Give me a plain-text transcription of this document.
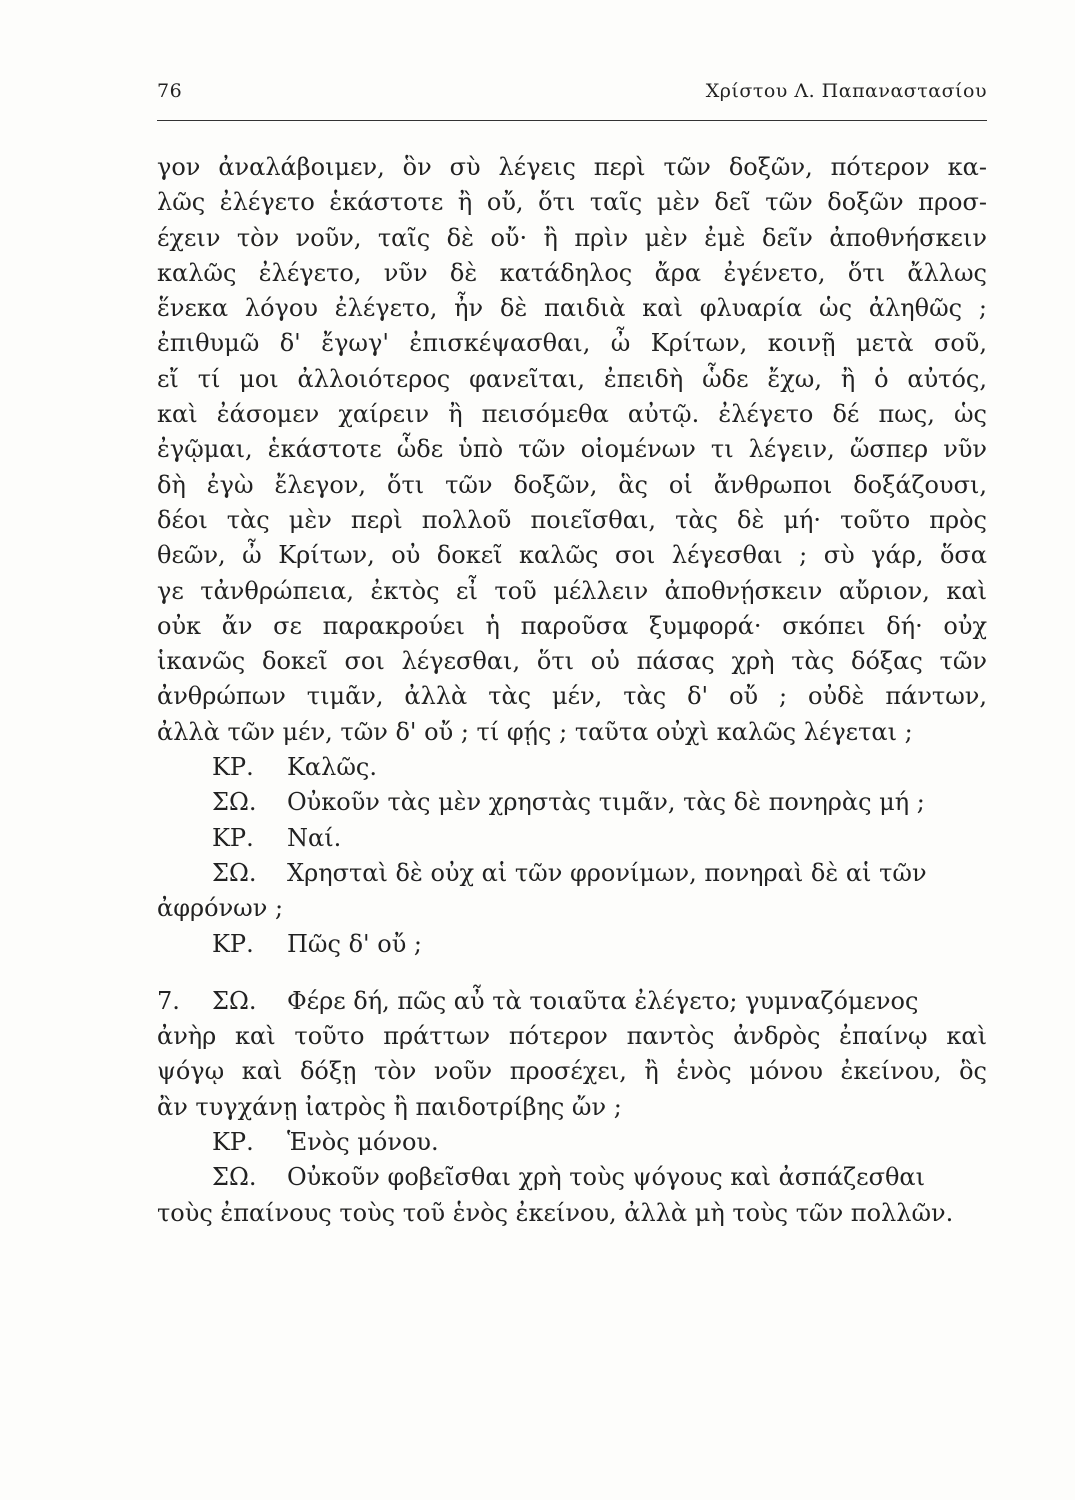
76	Χρίστου Λ. Παπαναστασίου
γον ἀναλάβοιμεν, ὃν σὺ λέγεις περὶ τῶν δοξῶν, πότερον κα-
λῶς ἐλέγετο ἑκάστοτε ἢ οὔ, ὅτι ταῖς μὲν δεῖ τῶν δοξῶν προσ-
έχειν τὸν νοῦν, ταῖς δὲ οὔ· ἢ πρὶν μὲν ἐμὲ δεῖν ἀποθνήσκειν
καλῶς ἐλέγετο, νῦν δὲ κατάδηλος ἄρα ἐγένετο, ὅτι ἄλλως
ἕνεκα λόγου ἐλέγετο, ἦν δὲ παιδιὰ καὶ φλυαρία ὡς ἀληθῶς ;
ἐπιθυμῶ δ' ἔγωγ' ἐπισκέψασθαι, ὦ Κρίτων, κοινῇ μετὰ σοῦ,
εἴ τί μοι ἀλλοιότερος φανεῖται, ἐπειδὴ ὧδε ἔχω, ἢ ὁ αὐτός,
καὶ ἐάσομεν χαίρειν ἢ πεισόμεθα αὐτῷ. ἐλέγετο δέ πως, ὡς
ἐγῷμαι, ἑκάστοτε ὧδε ὑπὸ τῶν οἰομένων τι λέγειν, ὥσπερ νῦν
δὴ ἐγὼ ἔλεγον, ὅτι τῶν δοξῶν, ἃς οἱ ἄνθρωποι δοξάζουσι,
δέοι τὰς μὲν περὶ πολλοῦ ποιεῖσθαι, τὰς δὲ μή· τοῦτο πρὸς
θεῶν, ὦ Κρίτων, οὐ δοκεῖ καλῶς σοι λέγεσθαι ; σὺ γάρ, ὅσα
γε τἀνθρώπεια, ἐκτὸς εἶ τοῦ μέλλειν ἀποθνῄσκειν αὔριον, καὶ
οὐκ ἄν σε παρακρούει ἡ παροῦσα ξυμφορά· σκόπει δή· οὐχ
ἱκανῶς δοκεῖ σοι λέγεσθαι, ὅτι οὐ πάσας χρὴ τὰς δόξας τῶν
ἀνθρώπων τιμᾶν, ἀλλὰ τὰς μέν, τὰς δ' οὔ ; οὐδὲ πάντων,
ἀλλὰ τῶν μέν, τῶν δ' οὔ ; τί φῄς ; ταῦτα οὐχὶ καλῶς λέγεται ;
ΚΡ. Καλῶς.
ΣΩ. Οὐκοῦν τὰς μὲν χρηστὰς τιμᾶν, τὰς δὲ πονηρὰς μή ;
ΚΡ. Ναί.
ΣΩ. Χρησταὶ δὲ οὐχ αἱ τῶν φρονίμων, πονηραὶ δὲ αἱ τῶν
ἀφρόνων ;
ΚΡ. Πῶς δ' οὔ ;
7. ΣΩ. Φέρε δή, πῶς αὖ τὰ τοιαῦτα ἐλέγετο; γυμναζόμενος
ἀνὴρ καὶ τοῦτο πράττων πότερον παντὸς ἀνδρὸς ἐπαίνῳ καὶ
ψόγῳ καὶ δόξῃ τὸν νοῦν προσέχει, ἢ ἑνὸς μόνου ἐκείνου, ὃς
ἂν τυγχάνῃ ἰατρὸς ἢ παιδοτρίβης ὤν ;
ΚΡ. Ἑνὸς μόνου.
ΣΩ. Οὐκοῦν φοβεῖσθαι χρὴ τοὺς ψόγους καὶ ἀσπάζεσθαι
τοὺς ἐπαίνους τοὺς τοῦ ἑνὸς ἐκείνου, ἀλλὰ μὴ τοὺς τῶν πολλῶν.
